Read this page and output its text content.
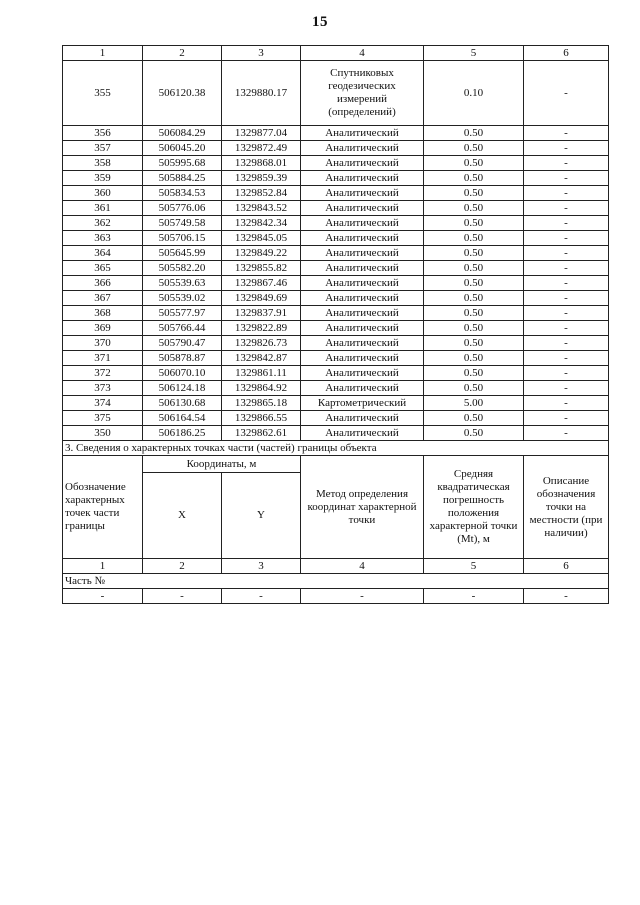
15
1	2	3	4	5	6
355	506120.38	1329880.17	Спутниковых геодезических измерений (определений)	0.10	-
356	506084.29	1329877.04	Аналитический	0.50	-
357	506045.20	1329872.49	Аналитический	0.50	-
358	505995.68	1329868.01	Аналитический	0.50	-
359	505884.25	1329859.39	Аналитический	0.50	-
360	505834.53	1329852.84	Аналитический	0.50	-
361	505776.06	1329843.52	Аналитический	0.50	-
362	505749.58	1329842.34	Аналитический	0.50	-
363	505706.15	1329845.05	Аналитический	0.50	-
364	505645.99	1329849.22	Аналитический	0.50	-
365	505582.20	1329855.82	Аналитический	0.50	-
366	505539.63	1329867.46	Аналитический	0.50	-
367	505539.02	1329849.69	Аналитический	0.50	-
368	505577.97	1329837.91	Аналитический	0.50	-
369	505766.44	1329822.89	Аналитический	0.50	-
370	505790.47	1329826.73	Аналитический	0.50	-
371	505878.87	1329842.87	Аналитический	0.50	-
372	506070.10	1329861.11	Аналитический	0.50	-
373	506124.18	1329864.92	Аналитический	0.50	-
374	506130.68	1329865.18	Картометрический	5.00	-
375	506164.54	1329866.55	Аналитический	0.50	-
350	506186.25	1329862.61	Аналитический	0.50	-
3. Сведения о характерных точках части (частей) границы объекта					
Обозначение характерных точек части границы	Координаты, м		Метод определения координат характерной точки	Средняя квадратическая погрешность положения характерной точки (Mt), м	Описание обозначения точки на местности (при наличии)
	X	Y			
1	2	3	4	5	6
Часть №					
-	-	-	-	-	-
